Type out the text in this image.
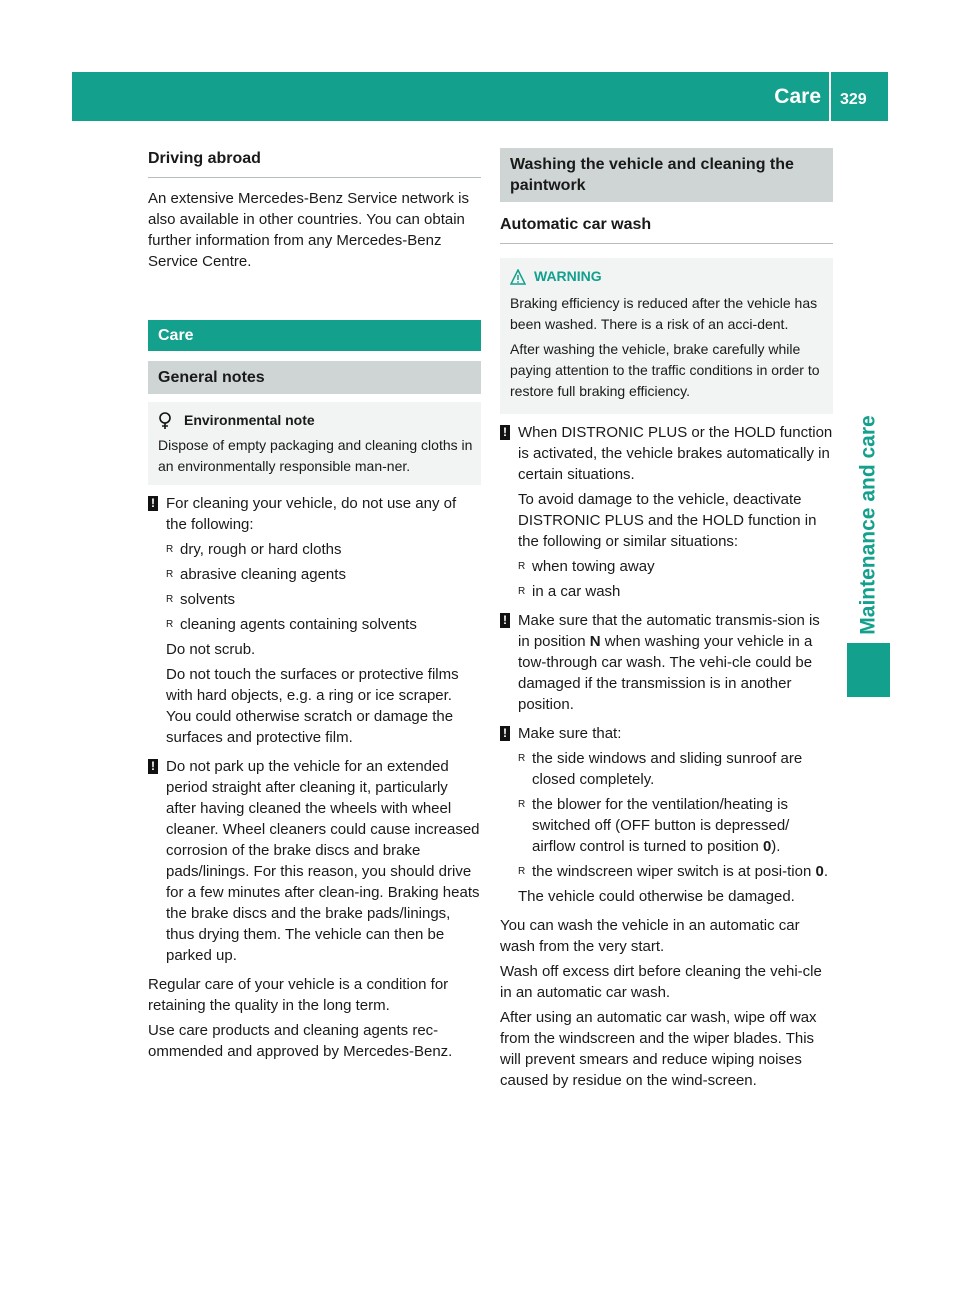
Care 329
Maintenance and care
Driving abroad

An extensive Mercedes-Benz Service network is also available in other countries. You can obtain further information from any Mercedes-Benz Service Centre.

Care
General notes
Environmental note
Dispose of empty packaging and cleaning cloths in an environmentally responsible man-ner.
! For cleaning your vehicle, do not use any of the following:

R dry, rough or hard cloths
R abrasive cleaning agents
R solvents
R cleaning agents containing solvents

Do not scrub.

Do not touch the surfaces or protective films with hard objects, e.g. a ring or ice scraper. You could otherwise scratch or damage the surfaces and protective film.

! Do not park up the vehicle for an extended period straight after cleaning it, particularly after having cleaned the wheels with wheel cleaner. Wheel cleaners could cause increased corrosion of the brake discs and brake pads/linings. For this reason, you should drive for a few minutes after clean-ing. Braking heats the brake discs and the brake pads/linings, thus drying them. The vehicle can then be parked up.

Regular care of your vehicle is a condition for retaining the quality in the long term.

Use care products and cleaning agents rec-ommended and approved by Mercedes-Benz.

Washing the vehicle and cleaning the paintwork
Automatic car wash
WARNING

Braking efficiency is reduced after the vehicle has been washed. There is a risk of an acci-dent.

After washing the vehicle, brake carefully while paying attention to the traffic conditions in order to restore full braking efficiency.

! When DISTRONIC PLUS or the HOLD function is activated, the vehicle brakes automatically in certain situations.

To avoid damage to the vehicle, deactivate DISTRONIC PLUS and the HOLD function in the following or similar situations:

R when towing away
R in a car wash
! Make sure that the automatic transmis-sion is in position N when washing your vehicle in a tow-through car wash. The vehi-cle could be damaged if the transmission is in another position.

! Make sure that:

R the side windows and sliding sunroof are closed completely.
R the blower for the ventilation/heating is switched off (OFF button is depressed/ airflow control is turned to position 0).
R the windscreen wiper switch is at posi-tion 0.

The vehicle could otherwise be damaged.

You can wash the vehicle in an automatic car wash from the very start.

Wash off excess dirt before cleaning the vehi-cle in an automatic car wash.

After using an automatic car wash, wipe off wax from the windscreen and the wiper blades. This will prevent smears and reduce wiping noises caused by residue on the wind-screen.
